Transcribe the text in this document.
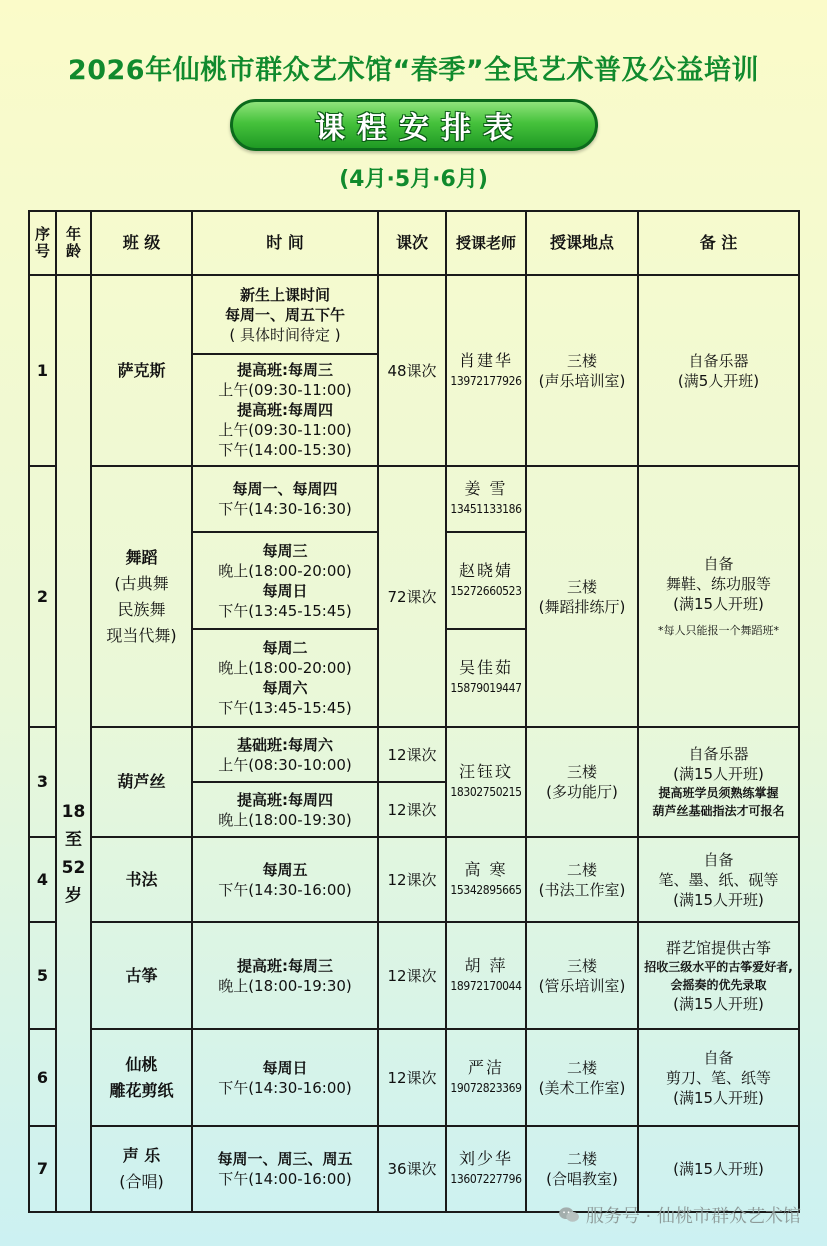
2026年仙桃市群众艺术馆“春季”全民艺术普及公益培训
课程安排表
(4月·5月·6月)
序号	年龄	班 级	时 间	课次	授课老师	授课地点	备 注
1	18
至
52
岁	萨克斯	新生上课时间
每周一、周五下午
( 具体时间待定 )	48课次	肖建华
13972177926	三楼
(声乐培训室)	自备乐器
(满5人开班)

			提高班:每周三
上午(09:30-11:00)
提高班:每周四
上午(09:30-11:00)
下午(14:00-15:30)				

2		舞蹈
(古典舞
民族舞
现当代舞)	每周一、每周四
下午(14:30-16:30)	72课次	姜 雪
13451133186	三楼
(舞蹈排练厅)	自备
舞鞋、练功服等
(满15人开班)
*每人只能报一个舞蹈班*

			每周三
晚上(18:00-20:00)
每周日
下午(13:45-15:45)		赵晓婧
15272660523		

			每周二
晚上(18:00-20:00)
每周六
下午(13:45-15:45)		吴佳茹
15879019447		

3		葫芦丝	基础班:每周六
上午(08:30-10:00)	12课次	汪钰玟
18302750215	三楼
(多功能厅)	自备乐器
(满15人开班)
提高班学员须熟练掌握
葫芦丝基础指法才可报名

			提高班:每周四
晚上(18:00-19:30)	12课次			
4		书法	每周五
下午(14:30-16:00)	12课次	高 寒
15342895665	二楼
(书法工作室)	自备
笔、墨、纸、砚等
(满15人开班)

5		古筝	提高班:每周三
晚上(18:00-19:30)	12课次	胡 萍
18972170044	三楼
(管乐培训室)	群艺馆提供古筝
招收三级水平的古筝爱好者,
会摇奏的优先录取
(满15人开班)

6		仙桃
雕花剪纸	每周日
下午(14:30-16:00)	12课次	严洁
19072823369	二楼
(美术工作室)	自备
剪刀、笔、纸等
(满15人开班)

7		声 乐
(合唱)	每周一、周三、周五
下午(14:00-16:00)	36课次	刘少华
13607227796	二楼
(合唱教室)	(满15人开班)
服务号 · 仙桃市群众艺术馆
